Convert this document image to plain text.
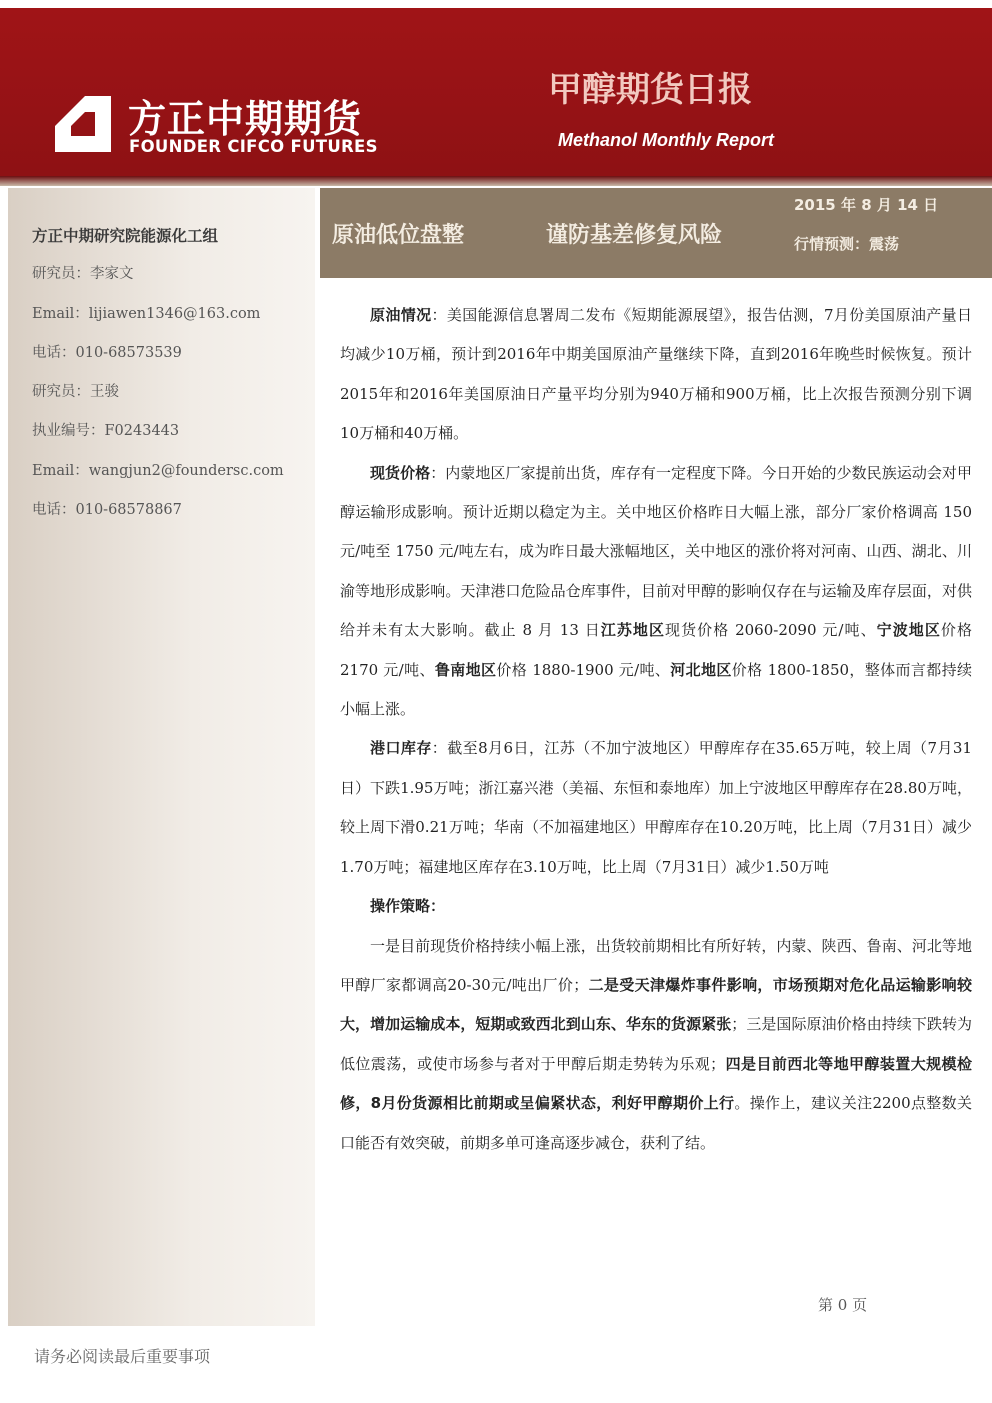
方正中期期货
FOUNDER CIFCO FUTURES
甲醇期货日报
Methanol Monthly Report
方正中期研究院能源化工组
研究员：李家文
Email：lijiawen1346@163.com
电话：010-68573539
研究员：王骏
执业编号：F0243443
Email：wangjun2@foundersc.com
电话：010-68578867
原油低位盘整	谨防基差修复风险
2015 年 8 月 14 日
行情预测：震荡

原油情况：美国能源信息署周二发布《短期能源展望》，报告估测，7月份美国原油产量日均减少10万桶，预计到2016年中期美国原油产量继续下降，直到2016年晚些时候恢复。预计2015年和2016年美国原油日产量平均分别为940万桶和900万桶，比上次报告预测分别下调10万桶和40万桶。

现货价格：内蒙地区厂家提前出货，库存有一定程度下降。今日开始的少数民族运动会对甲醇运输形成影响。预计近期以稳定为主。关中地区价格昨日大幅上涨，部分厂家价格调高 150 元/吨至 1750 元/吨左右，成为昨日最大涨幅地区，关中地区的涨价将对河南、山西、湖北、川渝等地形成影响。天津港口危险品仓库事件，目前对甲醇的影响仅存在与运输及库存层面，对供给并未有太大影响。截止 8 月 13 日江苏地区现货价格 2060-2090 元/吨、宁波地区价格 2170 元/吨、鲁南地区价格 1880-1900 元/吨、河北地区价格 1800-1850，整体而言都持续小幅上涨。

港口库存：截至8月6日，江苏（不加宁波地区）甲醇库存在35.65万吨，较上周（7月31日）下跌1.95万吨；浙江嘉兴港（美福、东恒和泰地库）加上宁波地区甲醇库存在28.80万吨，较上周下滑0.21万吨；华南（不加福建地区）甲醇库存在10.20万吨，比上周（7月31日）减少1.70万吨；福建地区库存在3.10万吨，比上周（7月31日）减少1.50万吨

操作策略：

一是目前现货价格持续小幅上涨，出货较前期相比有所好转，内蒙、陕西、鲁南、河北等地甲醇厂家都调高20-30元/吨出厂价；二是受天津爆炸事件影响，市场预期对危化品运输影响较大，增加运输成本，短期或致西北到山东、华东的货源紧张；三是国际原油价格由持续下跌转为低位震荡，或使市场参与者对于甲醇后期走势转为乐观；四是目前西北等地甲醇装置大规模检修，8月份货源相比前期或呈偏紧状态，利好甲醇期价上行。操作上，建议关注2200点整数关口能否有效突破，前期多单可逢高逐步减仓，获利了结。

第 0 页
请务必阅读最后重要事项
